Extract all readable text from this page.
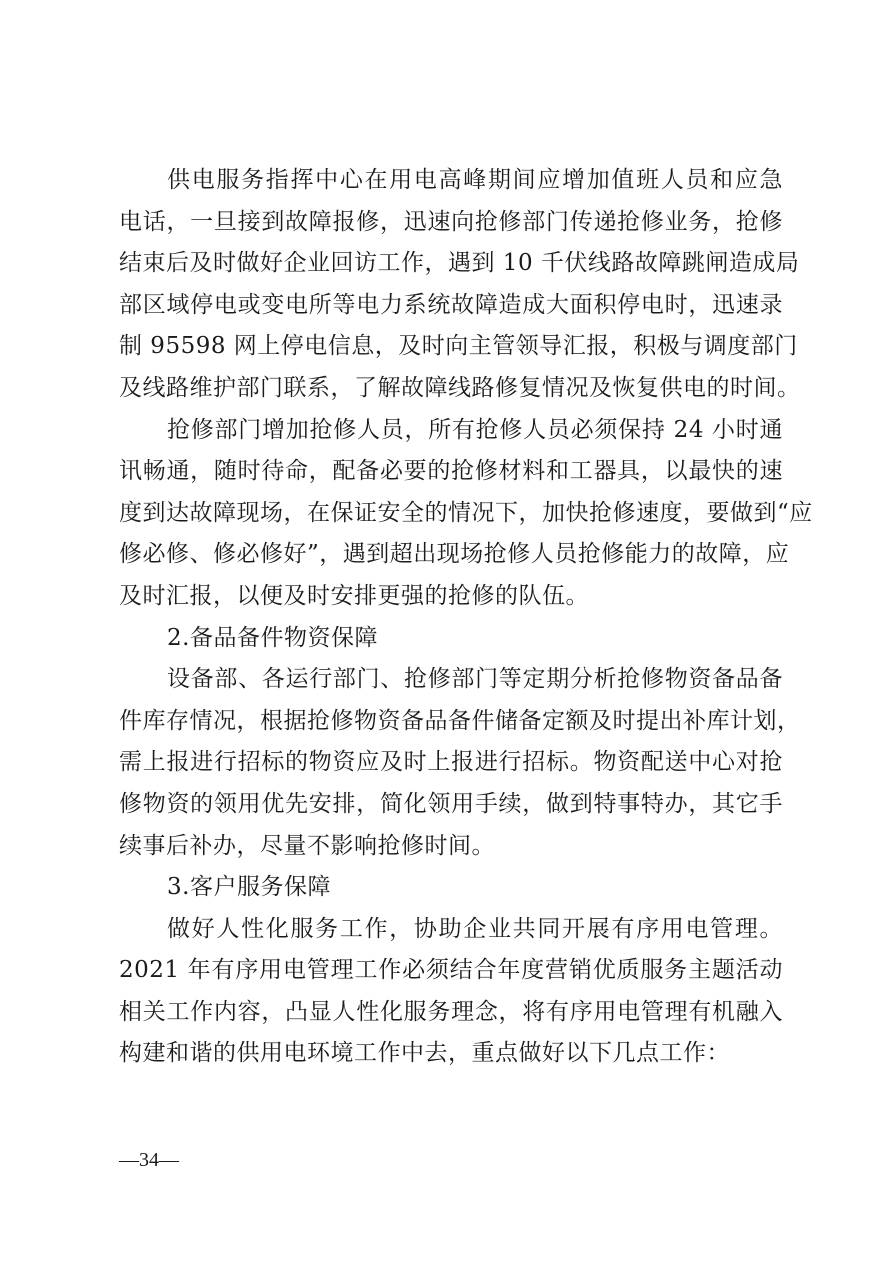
供电服务指挥中心在用电高峰期间应增加值班人员和应急
电话，一旦接到故障报修，迅速向抢修部门传递抢修业务，抢修
结束后及时做好企业回访工作，遇到 10 千伏线路故障跳闸造成局
部区域停电或变电所等电力系统故障造成大面积停电时，迅速录
制 95598 网上停电信息，及时向主管领导汇报，积极与调度部门
及线路维护部门联系，了解故障线路修复情况及恢复供电的时间。
抢修部门增加抢修人员，所有抢修人员必须保持 24 小时通
讯畅通，随时待命，配备必要的抢修材料和工器具，以最快的速
度到达故障现场，在保证安全的情况下，加快抢修速度，要做到“应
修必修、修必修好”，遇到超出现场抢修人员抢修能力的故障，应
及时汇报，以便及时安排更强的抢修的队伍。
2.备品备件物资保障
设备部、各运行部门、抢修部门等定期分析抢修物资备品备
件库存情况，根据抢修物资备品备件储备定额及时提出补库计划，
需上报进行招标的物资应及时上报进行招标。物资配送中心对抢
修物资的领用优先安排，简化领用手续，做到特事特办，其它手
续事后补办，尽量不影响抢修时间。
3.客户服务保障
做好人性化服务工作，协助企业共同开展有序用电管理。
2021 年有序用电管理工作必须结合年度营销优质服务主题活动
相关工作内容，凸显人性化服务理念，将有序用电管理有机融入
构建和谐的供用电环境工作中去，重点做好以下几点工作：
—34—
